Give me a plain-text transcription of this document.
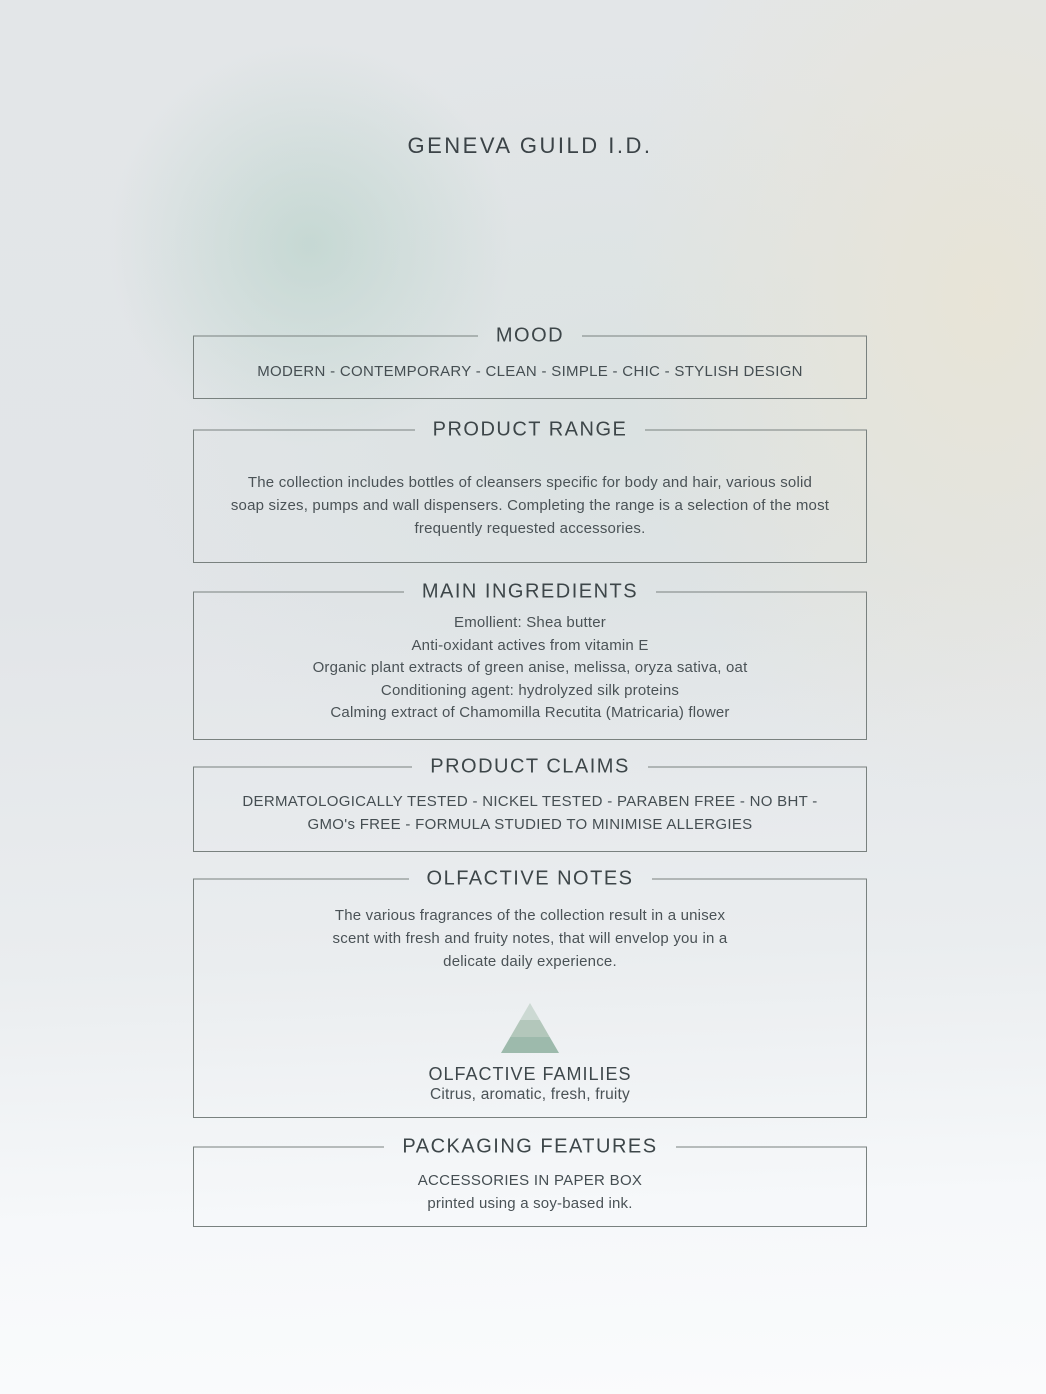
GENEVA GUILD I.D.
MODERN - CONTEMPORARY - CLEAN - SIMPLE - CHIC - STYLISH DESIGN
MOOD
The collection includes bottles of cleansers specific for body and hair, various solid
soap sizes, pumps and wall dispensers. Completing the range is a selection of the most
frequently requested accessories.
PRODUCT RANGE
Emollient: Shea butter
Anti-oxidant actives from vitamin E
Organic plant extracts of green anise, melissa, oryza sativa, oat
Conditioning agent: hydrolyzed silk proteins
Calming extract of Chamomilla Recutita (Matricaria) flower
MAIN INGREDIENTS
DERMATOLOGICALLY TESTED - NICKEL TESTED - PARABEN FREE - NO BHT -
GMO's FREE - FORMULA STUDIED TO MINIMISE ALLERGIES
PRODUCT CLAIMS
The various fragrances of the collection result in a unisex
scent with fresh and fruity notes, that will envelop you in a
delicate daily experience.
OLFACTIVE FAMILIES

Citrus, aromatic, fresh, fruity

OLFACTIVE NOTES
ACCESSORIES IN PAPER BOX
printed using a soy-based ink.
PACKAGING FEATURES
